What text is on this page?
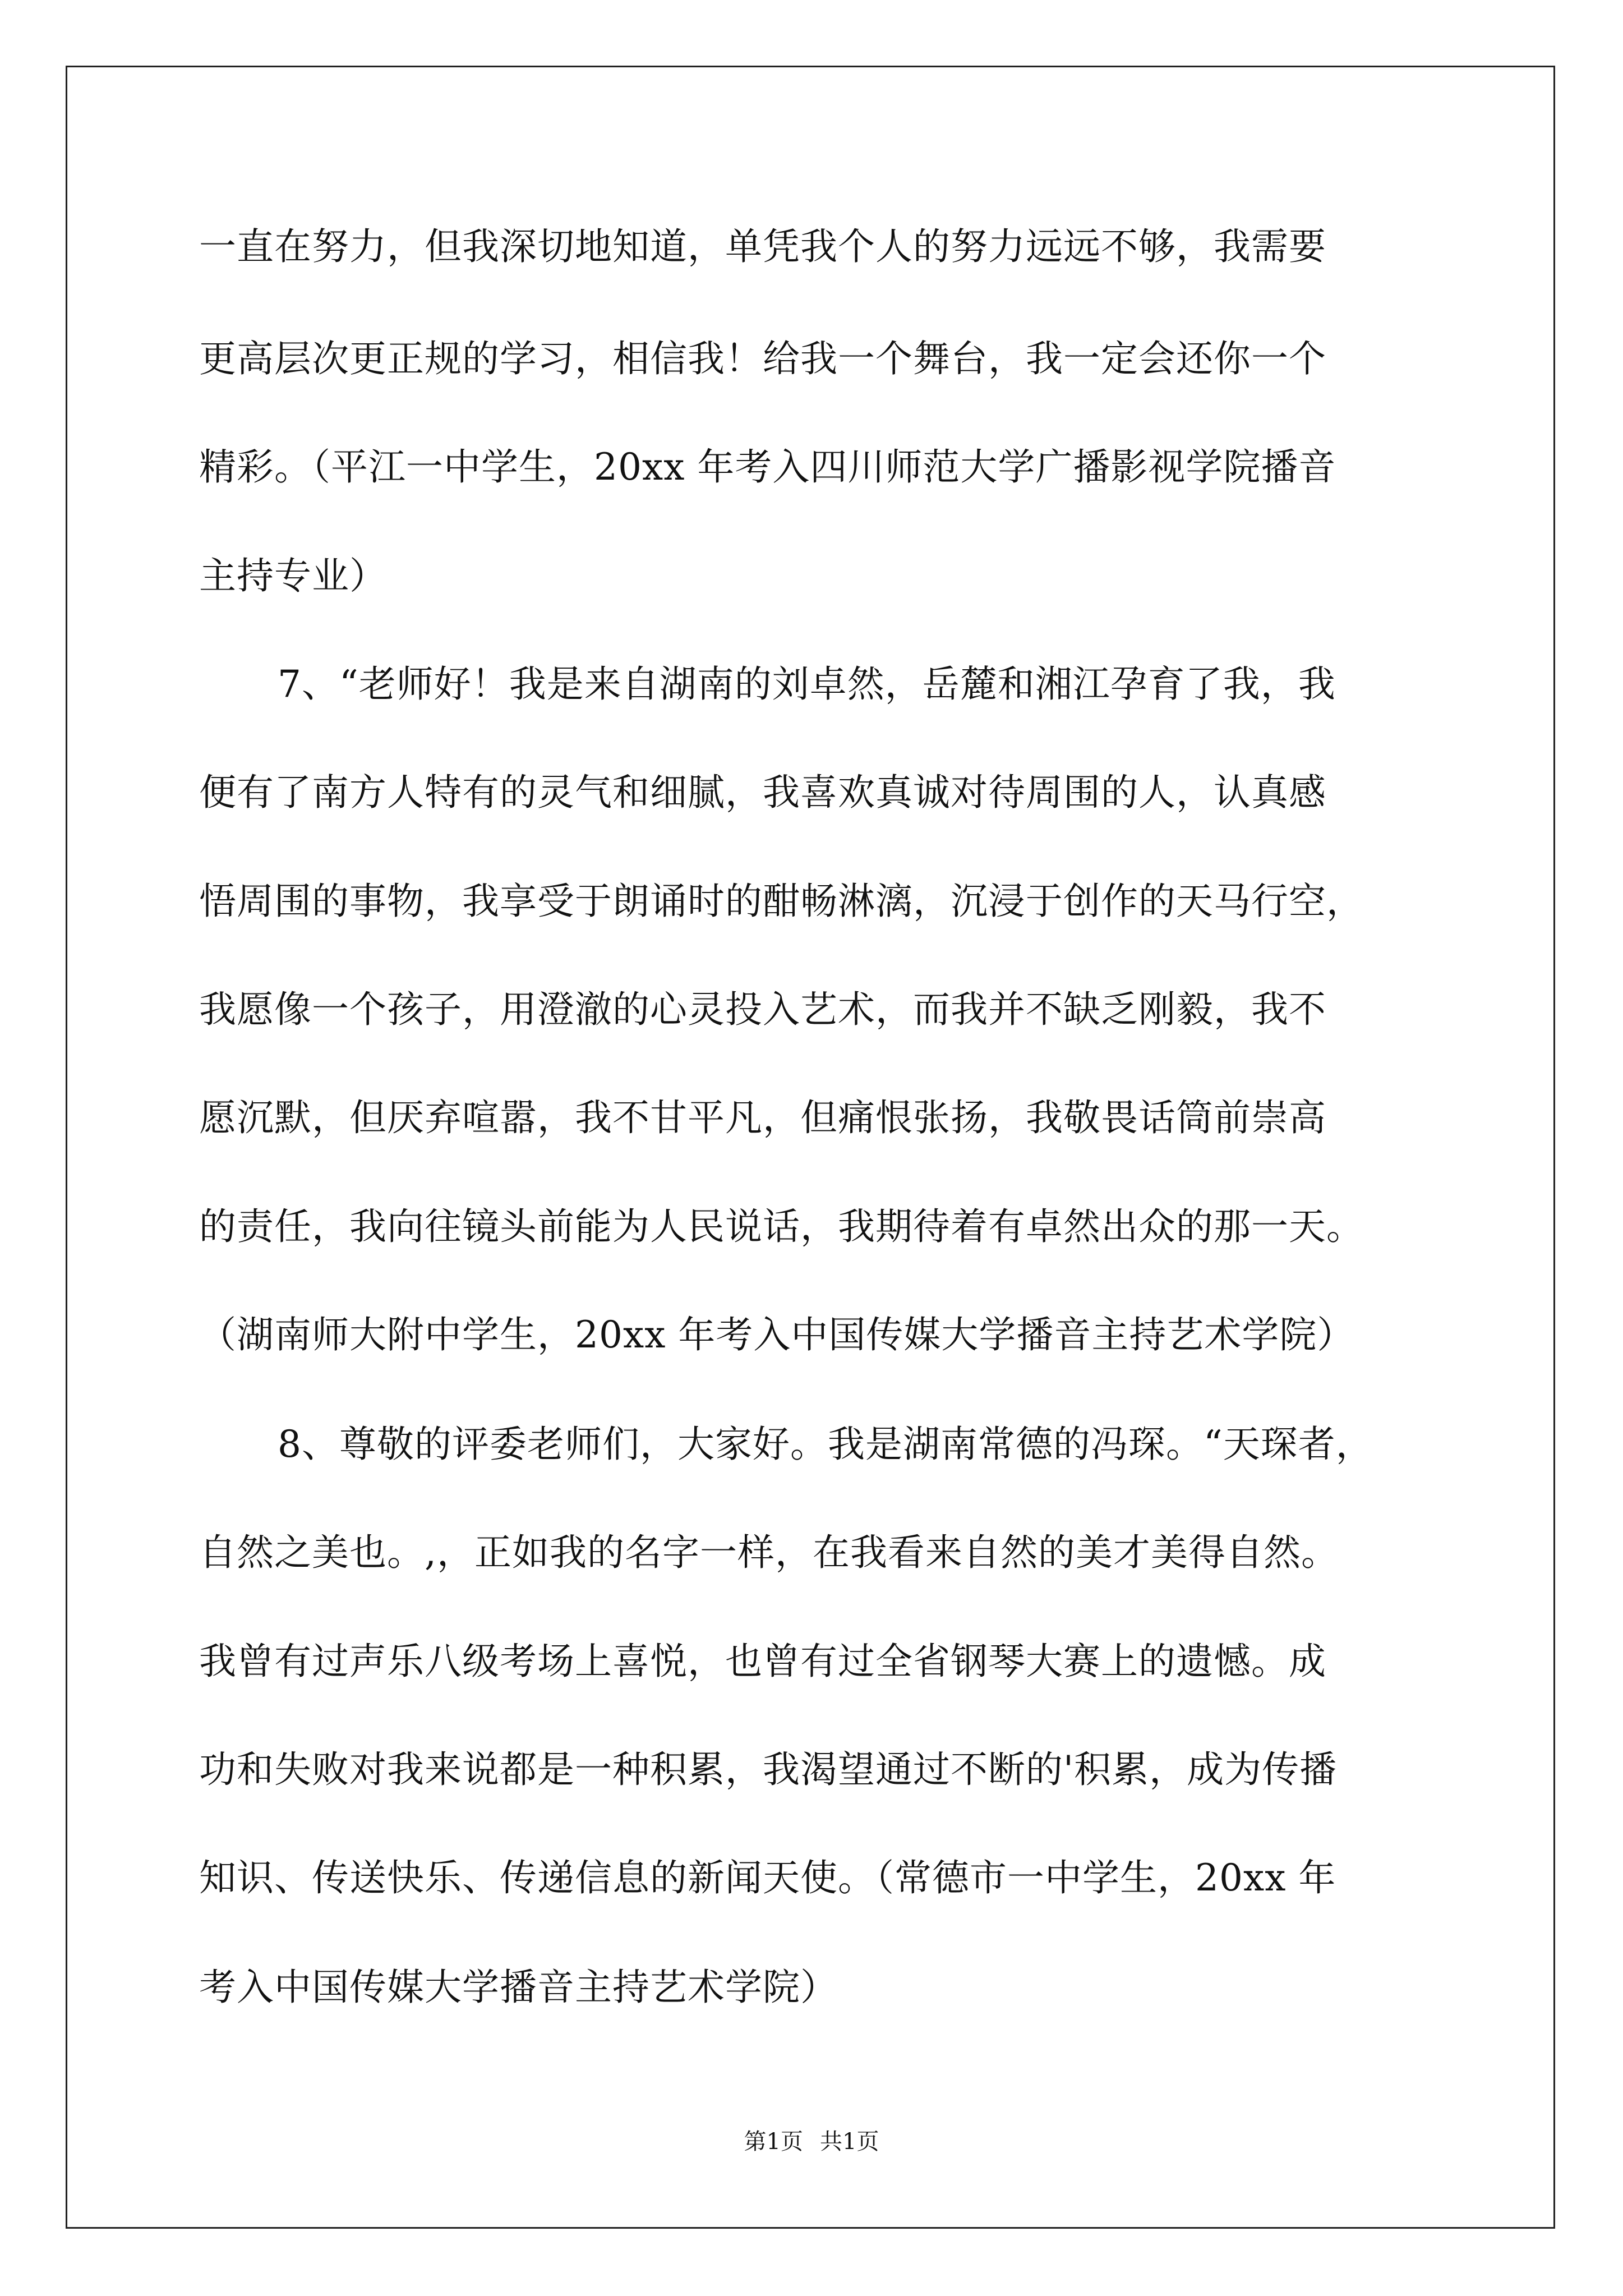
一直在努力，但我深切地知道，单凭我个人的努力远远不够，我需要
更高层次更正规的学习，相信我！给我一个舞台，我一定会还你一个
精彩。（平江一中学生，20xx 年考入四川师范大学广播影视学院播音
主持专业）
7、“老师好！我是来自湖南的刘卓然，岳麓和湘江孕育了我，我
便有了南方人特有的灵气和细腻，我喜欢真诚对待周围的人，认真感
悟周围的事物，我享受于朗诵时的酣畅淋漓，沉浸于创作的天马行空，
我愿像一个孩子，用澄澈的心灵投入艺术，而我并不缺乏刚毅，我不
愿沉默，但厌弃喧嚣，我不甘平凡，但痛恨张扬，我敬畏话筒前崇高
的责任，我向往镜头前能为人民说话，我期待着有卓然出众的那一天。
（湖南师大附中学生，20xx 年考入中国传媒大学播音主持艺术学院）
8、尊敬的评委老师们，大家好。我是湖南常德的冯琛。“天琛者，
自然之美也。,，正如我的名字一样，在我看来自然的美才美得自然。
我曾有过声乐八级考场上喜悦，也曾有过全省钢琴大赛上的遗憾。成
功和失败对我来说都是一种积累，我渴望通过不断的'积累，成为传播
知识、传送快乐、传递信息的新闻天使。（常德市一中学生，20xx 年
考入中国传媒大学播音主持艺术学院）
第1页 共1页
